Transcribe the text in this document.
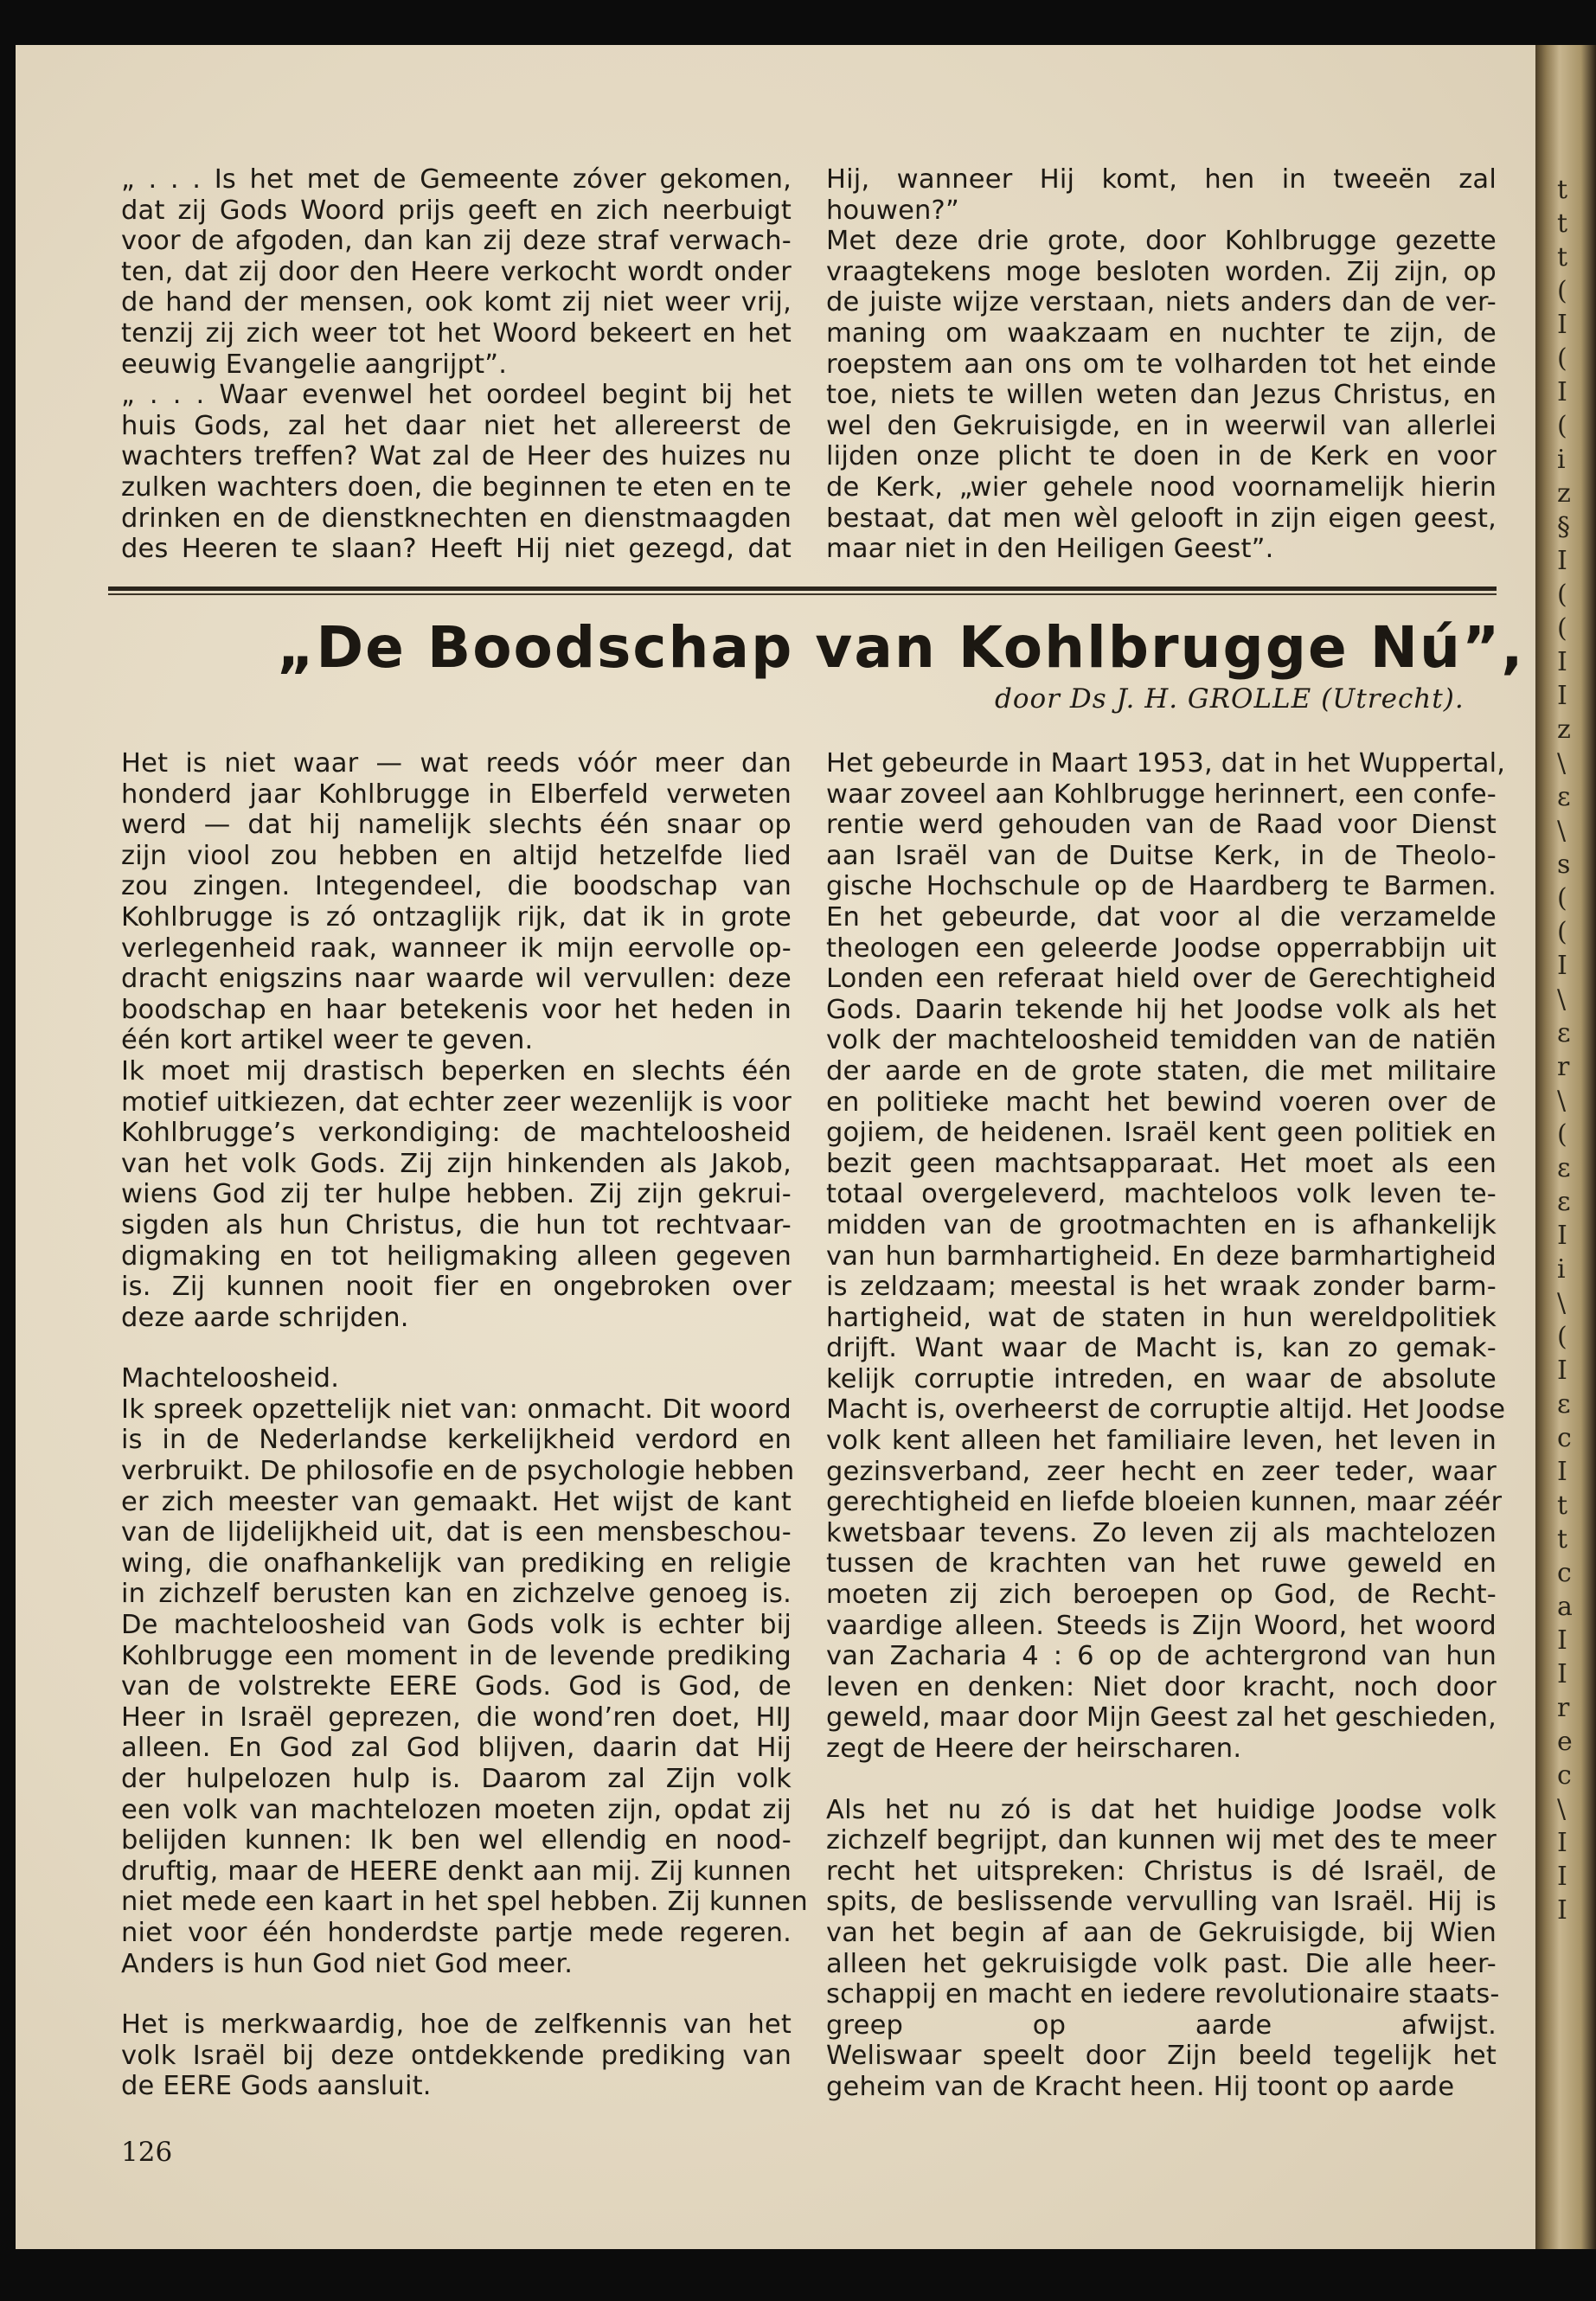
t
t
t
(
I
(
I
(
i
z
§
I
(
(
I
I
z
\
ε
\
s
(
(
I
\
ε
r
\
(
ε
ε
I
i
\
(
I
ε
c
I
t
t
c
a
I
I
r
e
c
\
I
I
I
„ . . . Is het met de Gemeente zóver gekomen,
dat zij Gods Woord prijs geeft en zich neerbuigt
voor de afgoden, dan kan zij deze straf verwach-
ten, dat zij door den Heere verkocht wordt onder
de hand der mensen, ook komt zij niet weer vrij,
tenzij zij zich weer tot het Woord bekeert en het
eeuwig Evangelie aangrijpt”.
„ . . . Waar evenwel het oordeel begint bij het
huis Gods, zal het daar niet het allereerst de
wachters treffen? Wat zal de Heer des huizes nu
zulken wachters doen, die beginnen te eten en te
drinken en de dienstknechten en dienstmaagden
des Heeren te slaan? Heeft Hij niet gezegd, dat
Hij, wanneer Hij komt, hen in tweeën zal
houwen?”
Met deze drie grote, door Kohlbrugge gezette
vraagtekens moge besloten worden. Zij zijn, op
de juiste wijze verstaan, niets anders dan de ver-
maning om waakzaam en nuchter te zijn, de
roepstem aan ons om te volharden tot het einde
toe, niets te willen weten dan Jezus Christus, en
wel den Gekruisigde, en in weerwil van allerlei
lijden onze plicht te doen in de Kerk en voor
de Kerk, „wier gehele nood voornamelijk hierin
bestaat, dat men wèl gelooft in zijn eigen geest,
maar niet in den Heiligen Geest”.
„De Boodschap van Kohlbrugge Nú”,
door Ds J. H. GROLLE (Utrecht).

Het is niet waar — wat reeds vóór meer dan
honderd jaar Kohlbrugge in Elberfeld verweten
werd — dat hij namelijk slechts één snaar op
zijn viool zou hebben en altijd hetzelfde lied
zou zingen. Integendeel, die boodschap van
Kohlbrugge is zó ontzaglijk rijk, dat ik in grote
verlegenheid raak, wanneer ik mijn eervolle op-
dracht enigszins naar waarde wil vervullen: deze
boodschap en haar betekenis voor het heden in
één kort artikel weer te geven.

Ik moet mij drastisch beperken en slechts één
motief uitkiezen, dat echter zeer wezenlijk is voor
Kohlbrugge’s verkondiging: de machteloosheid
van het volk Gods. Zij zijn hinkenden als Jakob,
wiens God zij ter hulpe hebben. Zij zijn gekrui-
sigden als hun Christus, die hun tot rechtvaar-
digmaking en tot heiligmaking alleen gegeven
is. Zij kunnen nooit fier en ongebroken over
deze aarde schrijden.

Machteloosheid.

Ik spreek opzettelijk niet van: onmacht. Dit woord
is in de Nederlandse kerkelijkheid verdord en
verbruikt. De philosofie en de psychologie hebben
er zich meester van gemaakt. Het wijst de kant
van de lijdelijkheid uit, dat is een mensbeschou-
wing, die onafhankelijk van prediking en religie
in zichzelf berusten kan en zichzelve genoeg is.
De machteloosheid van Gods volk is echter bij
Kohlbrugge een moment in de levende prediking
van de volstrekte EERE Gods. God is God, de
Heer in Israël geprezen, die wond’ren doet, HIJ
alleen. En God zal God blijven, daarin dat Hij
der hulpelozen hulp is. Daarom zal Zijn volk
een volk van machtelozen moeten zijn, opdat zij
belijden kunnen: Ik ben wel ellendig en nood-
druftig, maar de HEERE denkt aan mij. Zij kunnen
niet mede een kaart in het spel hebben. Zij kunnen
niet voor één honderdste partje mede regeren.
Anders is hun God niet God meer.

Het is merkwaardig, hoe de zelfkennis van het
volk Israël bij deze ontdekkende prediking van
de EERE Gods aansluit.

Het gebeurde in Maart 1953, dat in het Wuppertal,
waar zoveel aan Kohlbrugge herinnert, een confe-
rentie werd gehouden van de Raad voor Dienst
aan Israël van de Duitse Kerk, in de Theolo-
gische Hochschule op de Haardberg te Barmen.
En het gebeurde, dat voor al die verzamelde
theologen een geleerde Joodse opperrabbijn uit
Londen een referaat hield over de Gerechtigheid
Gods. Daarin tekende hij het Joodse volk als het
volk der machteloosheid temidden van de natiën
der aarde en de grote staten, die met militaire
en politieke macht het bewind voeren over de
gojiem, de heidenen. Israël kent geen politiek en
bezit geen machtsapparaat. Het moet als een
totaal overgeleverd, machteloos volk leven te-
midden van de grootmachten en is afhankelijk
van hun barmhartigheid. En deze barmhartigheid
is zeldzaam; meestal is het wraak zonder barm-
hartigheid, wat de staten in hun wereldpolitiek
drijft. Want waar de Macht is, kan zo gemak-
kelijk corruptie intreden, en waar de absolute
Macht is, overheerst de corruptie altijd. Het Joodse
volk kent alleen het familiaire leven, het leven in
gezinsverband, zeer hecht en zeer teder, waar
gerechtigheid en liefde bloeien kunnen, maar zéér
kwetsbaar tevens. Zo leven zij als machtelozen
tussen de krachten van het ruwe geweld en
moeten zij zich beroepen op God, de Recht-
vaardige alleen. Steeds is Zijn Woord, het woord
van Zacharia 4 : 6 op de achtergrond van hun
leven en denken: Niet door kracht, noch door
geweld, maar door Mijn Geest zal het geschieden,
zegt de Heere der heirscharen.

Als het nu zó is dat het huidige Joodse volk
zichzelf begrijpt, dan kunnen wij met des te meer
recht het uitspreken: Christus is dé Israël, de
spits, de beslissende vervulling van Israël. Hij is
van het begin af aan de Gekruisigde, bij Wien
alleen het gekruisigde volk past. Die alle heer-
schappij en macht en iedere revolutionaire staats-
greep op aarde afwijst.
Weliswaar speelt door Zijn beeld tegelijk het
geheim van de Kracht heen. Hij toont op aarde

126
